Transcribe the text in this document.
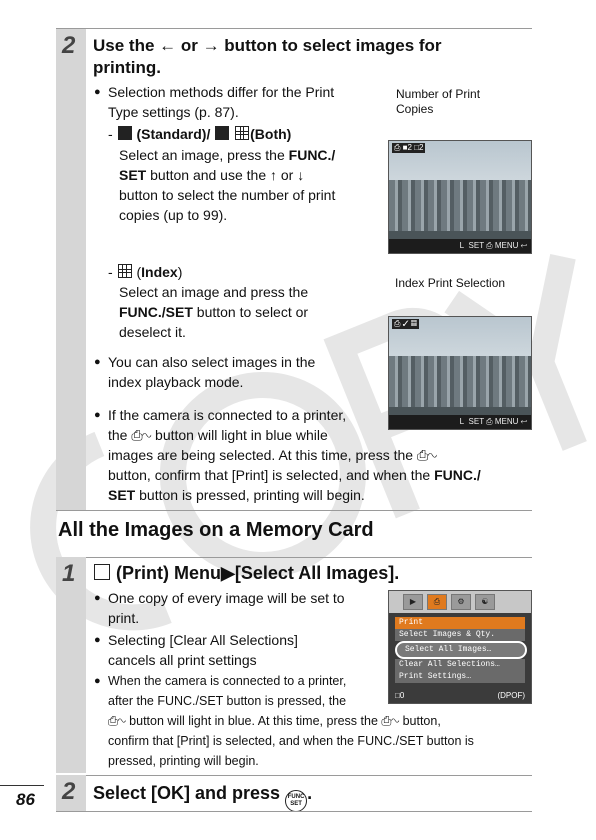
2 Use the ← or → button to select images for
printing.
● Selection methods differ for the Print
Type settings (p. 87).
-  (Standard)/	(Both)
Select an image, press the FUNC./
SET button and use the ↑ or ↓
button to select the number of print
copies (up to 99).
-  (Index)
Select an image and press the
FUNC./SET button to select or
deselect it.
● You can also select images in the
index playback mode.
● If the camera is connected to a printer,
the ⎙∿ button will light in blue while
images are being selected. At this time, press the ⎙∿
button, confirm that [Print] is selected, and when the FUNC./
SET button is pressed, printing will begin.
Number of Print
Copies
⎙ ■2 □2
L SET ⎙ MENU ↩
Index Print Selection
⎙ ✓ ▦
L SET ⎙ MENU ↩
All the Images on a Memory Card
1	(Print) Menu▶[Select All Images].
● One copy of every image will be set to
print.
● Selecting [Clear All Selections]
cancels all print settings
● When the camera is connected to a printer,
after the FUNC./SET button is pressed, the
⎙∿ button will light in blue. At this time, press the ⎙∿ button,
confirm that [Print] is selected, and when the FUNC./SET button is
pressed, printing will begin.
▶	⎙	⚙	☯
Print
Select Images & Qty.
Select All Images…
Clear All Selections…
Print Settings…
□0	(DPOF)
2 Select [OK] and press FUNC
SET.
86
